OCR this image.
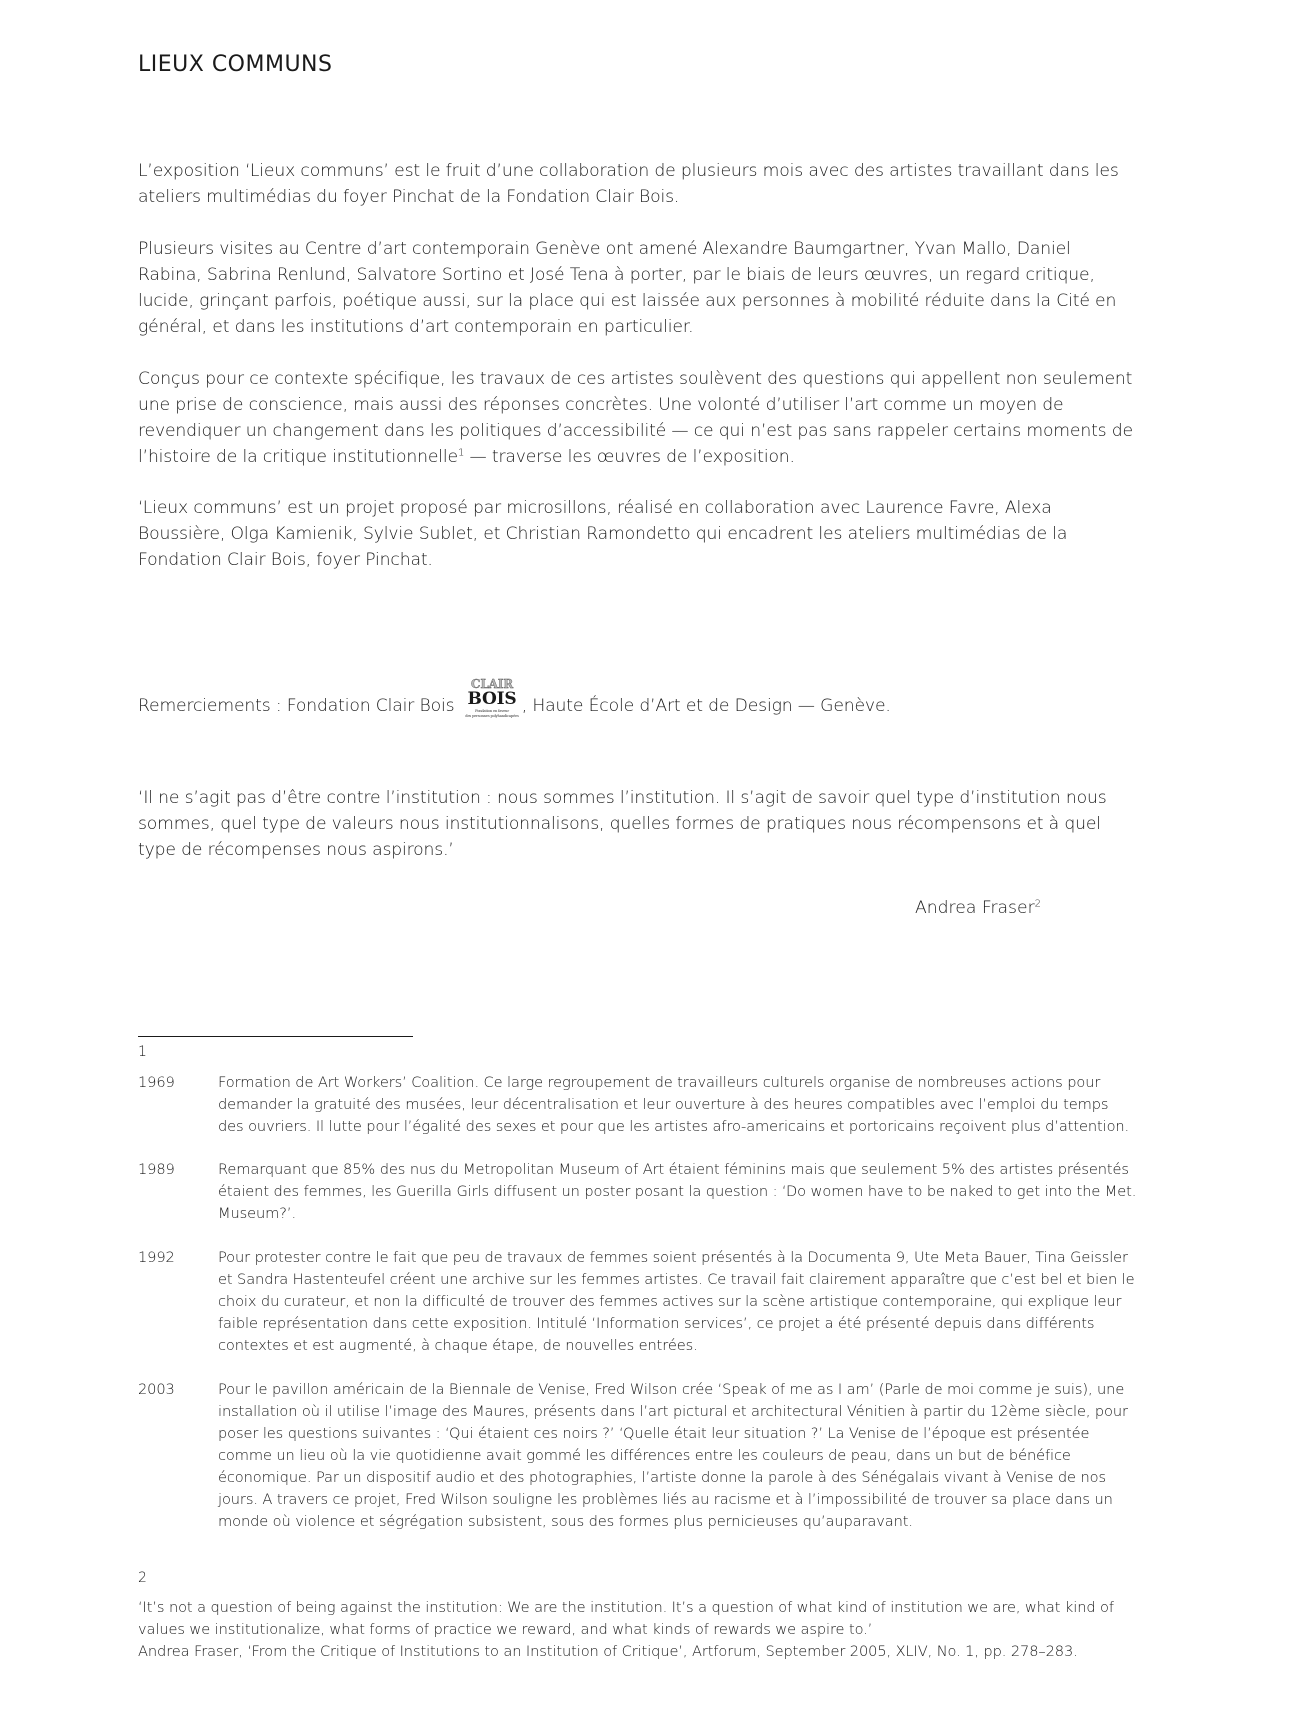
LIEUX COMMUNS

L’exposition ‘Lieux communs’ est le fruit d’une collaboration de plusieurs mois avec des artistes travaillant dans les ateliers multimédias du foyer Pinchat de la Fondation Clair Bois.

Plusieurs visites au Centre d’art contemporain Genève ont amené Alexandre Baumgartner, Yvan Mallo, Daniel Rabina, Sabrina Renlund, Salvatore Sortino et José Tena à porter, par le biais de leurs œuvres, un regard critique, lucide, grinçant parfois, poétique aussi, sur la place qui est laissée aux personnes à mobilité réduite dans la Cité en général, et dans les institutions d’art contemporain en particulier.

Conçus pour ce contexte spécifique, les travaux de ces artistes soulèvent des questions qui appellent non seulement une prise de conscience, mais aussi des réponses concrètes. Une volonté d’utiliser l’art comme un moyen de revendiquer un changement dans les politiques d’accessibilité — ce qui n’est pas sans rappeler certains moments de l’histoire de la critique institutionnelle$^1$ — traverse les œuvres de l’exposition.

‘Lieux communs’ est un projet proposé par microsillons, réalisé en collaboration avec Laurence Favre, Alexa Boussière, Olga Kamienik, Sylvie Sublet, et Christian Ramondetto qui encadrent les ateliers multimédias de la Fondation Clair Bois, foyer Pinchat.

Remerciements : Fondation Clair Bois
CLAIR
BOIS
Fondation en faveur
des personnes polyhandicapées , Haute École d’Art et de Design — Genève.

‘Il ne s’agit pas d’être contre l’institution : nous sommes l’institution. Il s’agit de savoir quel type d’institution nous sommes, quel type de valeurs nous institutionnalisons, quelles formes de pratiques nous récompensons et à quel type de récompenses nous aspirons.’

Andrea Fraser$^2$
1
1969	Formation de Art Workers’ Coalition. Ce large regroupement de travailleurs culturels organise de nombreuses actions pour demander la gratuité des musées, leur décentralisation et leur ouverture à des heures compatibles avec l’emploi du temps des ouvriers. Il lutte pour l’égalité des sexes et pour que les artistes afro-americains et portoricains reçoivent plus d’attention.
1989	Remarquant que 85% des nus du Metropolitan Museum of Art étaient féminins mais que seulement 5% des artistes présentés étaient des femmes, les Guerilla Girls diffusent un poster posant la question : ‘Do women have to be naked to get into the Met. Museum?’.
1992	Pour protester contre le fait que peu de travaux de femmes soient présentés à la Documenta 9, Ute Meta Bauer, Tina Geissler et Sandra Hastenteufel créent une archive sur les femmes artistes. Ce travail fait clairement apparaître que c’est bel et bien le choix du curateur, et non la difficulté de trouver des femmes actives sur la scène artistique contemporaine, qui explique leur faible représentation dans cette exposition. Intitulé ‘Information services’, ce projet a été présenté depuis dans différents contextes et est augmenté, à chaque étape, de nouvelles entrées.
2003	Pour le pavillon américain de la Biennale de Venise, Fred Wilson crée ‘Speak of me as I am’ (Parle de moi comme je suis), une installation où il utilise l’image des Maures, présents dans l’art pictural et architectural Vénitien à partir du 12ème siècle, pour poser les questions suivantes : ‘Qui étaient ces noirs ?’ ‘Quelle était leur situation ?’ La Venise de l’époque est présentée comme un lieu où la vie quotidienne avait gommé les différences entre les couleurs de peau, dans un but de bénéfice économique. Par un dispositif audio et des photographies, l’artiste donne la parole à des Sénégalais vivant à Venise de nos jours. A travers ce projet, Fred Wilson souligne les problèmes liés au racisme et à l’impossibilité de trouver sa place dans un monde où violence et ségrégation subsistent, sous des formes plus pernicieuses qu’auparavant.
2

‘It’s not a question of being against the institution: We are the institution. It’s a question of what kind of institution we are, what kind of values we institutionalize, what forms of practice we reward, and what kinds of rewards we aspire to.’

Andrea Fraser, ‘From the Critique of Institutions to an Institution of Critique’, Artforum, September 2005, XLIV, No. 1, pp. 278–283.
